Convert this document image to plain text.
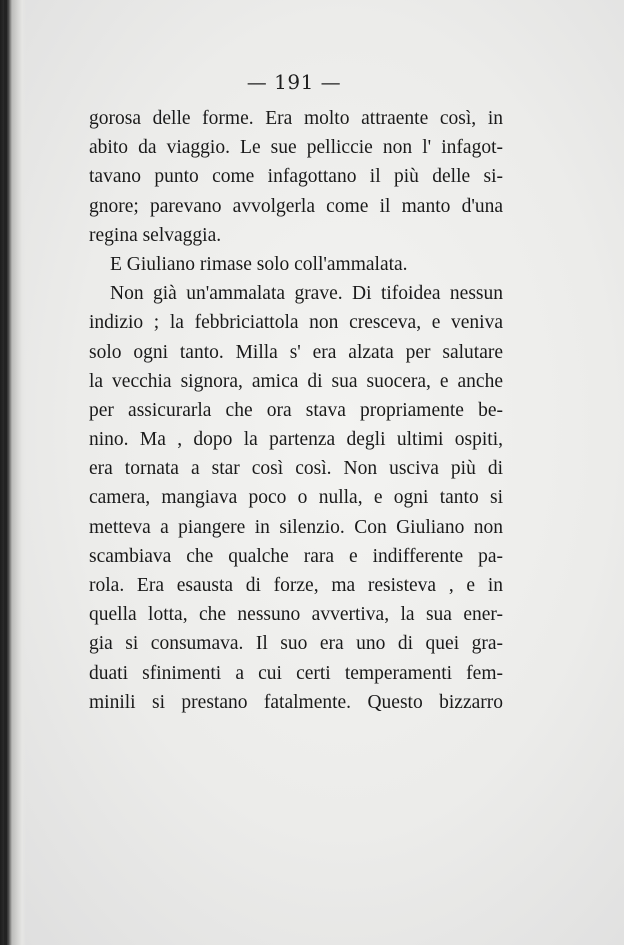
— 191 —
gorosa delle forme. Era molto attraente così, in
abito da viaggio. Le sue pelliccie non l' infagot-
tavano punto come infagottano il più delle si-
gnore; parevano avvolgerla come il manto d'una
regina selvaggia.
E Giuliano rimase solo coll'ammalata.
Non già un'ammalata grave. Di tifoidea nessun
indizio ; la febbriciattola non cresceva, e veniva
solo ogni tanto. Milla s' era alzata per salutare
la vecchia signora, amica di sua suocera, e anche
per assicurarla che ora stava propriamente be-
nino. Ma , dopo la partenza degli ultimi ospiti,
era tornata a star così così. Non usciva più di
camera, mangiava poco o nulla, e ogni tanto si
metteva a piangere in silenzio. Con Giuliano non
scambiava che qualche rara e indifferente pa-
rola. Era esausta di forze, ma resisteva , e in
quella lotta, che nessuno avvertiva, la sua ener-
gia si consumava. Il suo era uno di quei gra-
duati sfinimenti a cui certi temperamenti fem-
minili si prestano fatalmente. Questo bizzarro
